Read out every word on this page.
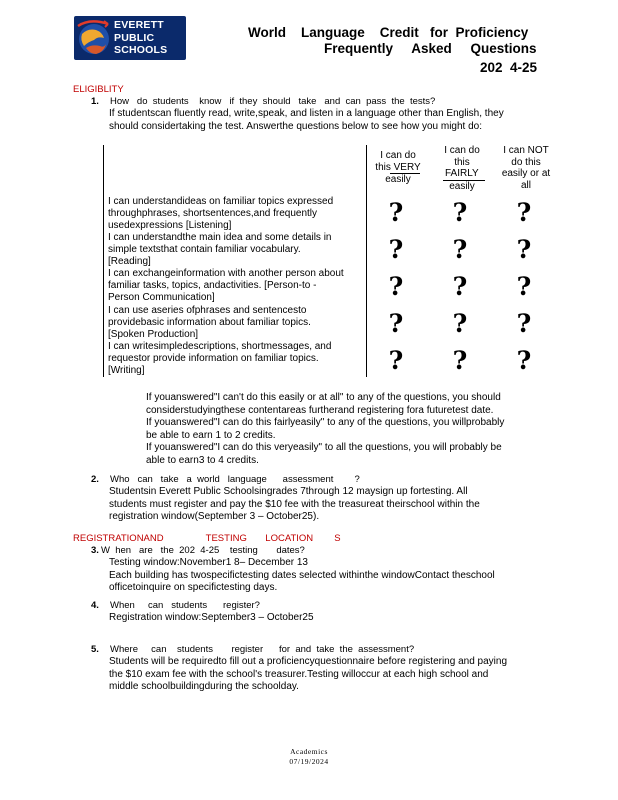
EVERETT
PUBLIC
SCHOOLS
World    Language    Credit   for  Proficiency
Frequently     Asked     Questions
202  4-25
ELIGIBLITY
1. How   do  students    know   if  they  should   take   and  can  pass  the  tests?
If studentscan fluently read, write,speak, and listen in a language other than English, they
should considertaking the test. Answerthe questions below to see how you might do:
I can do
this VERY
easily
I can do
this
FAIRLY
easily
I can NOT
do this
easily or at
all
I can understandideas on familiar topics expressed
throughphrases, shortsentences,and frequently
usedexpressions [Listening]
I can understandthe main idea and some details in
simple textsthat contain familiar vocabulary.
[Reading]
I can exchangeinformation with another person about
familiar tasks, topics, andactivities. [Person-to -
Person Communication]
I can use aseries ofphrases and sentencesto
providebasic information about familiar topics.
[Spoken Production]
I can writesimpledescriptions, shortmessages, and
requestor provide information on familiar topics.
[Writing]
? ? ?
? ? ?
? ? ?
? ? ?
? ? ?
If youanswered"I can't do this easily or at all" to any of the questions, you should
considerstudyingthese contentareas furtherand registering fora futuretest date.
If youanswered"I can do this fairlyeasily" to any of the questions, you willprobably
be able to earn 1 to 2 credits.
If youanswered"I can do this veryeasily" to all the questions, you will probably be
able to earn3 to 4 credits.
2. Who   can   take   a  world   language      assessment        ?
Studentsin Everett Public Schoolsingrades 7through 12 maysign up fortesting. All
students must register and pay the $10 fee with the treasureat theirschool within the
registration window(September 3 – October25).
REGISTRATIONAND                TESTING       LOCATION        S
3. W  hen   are   the  202  4-25    testing       dates?
Testing window:November1 8– December 13
Each building has twospecifictesting dates selected withinthe windowContact theschool
officetoinquire on specifictesting days.
4. When     can   students      register?
Registration window:September3 – October25
5. Where     can    students       register      for  and  take  the  assessment?
Students will be requiredto fill out a proficiencyquestionnaire before registering and paying
the $10 exam fee with the school's treasurer.Testing willoccur at each high school and
middle schoolbuildingduring the schoolday.
Academics
07/19/2024
